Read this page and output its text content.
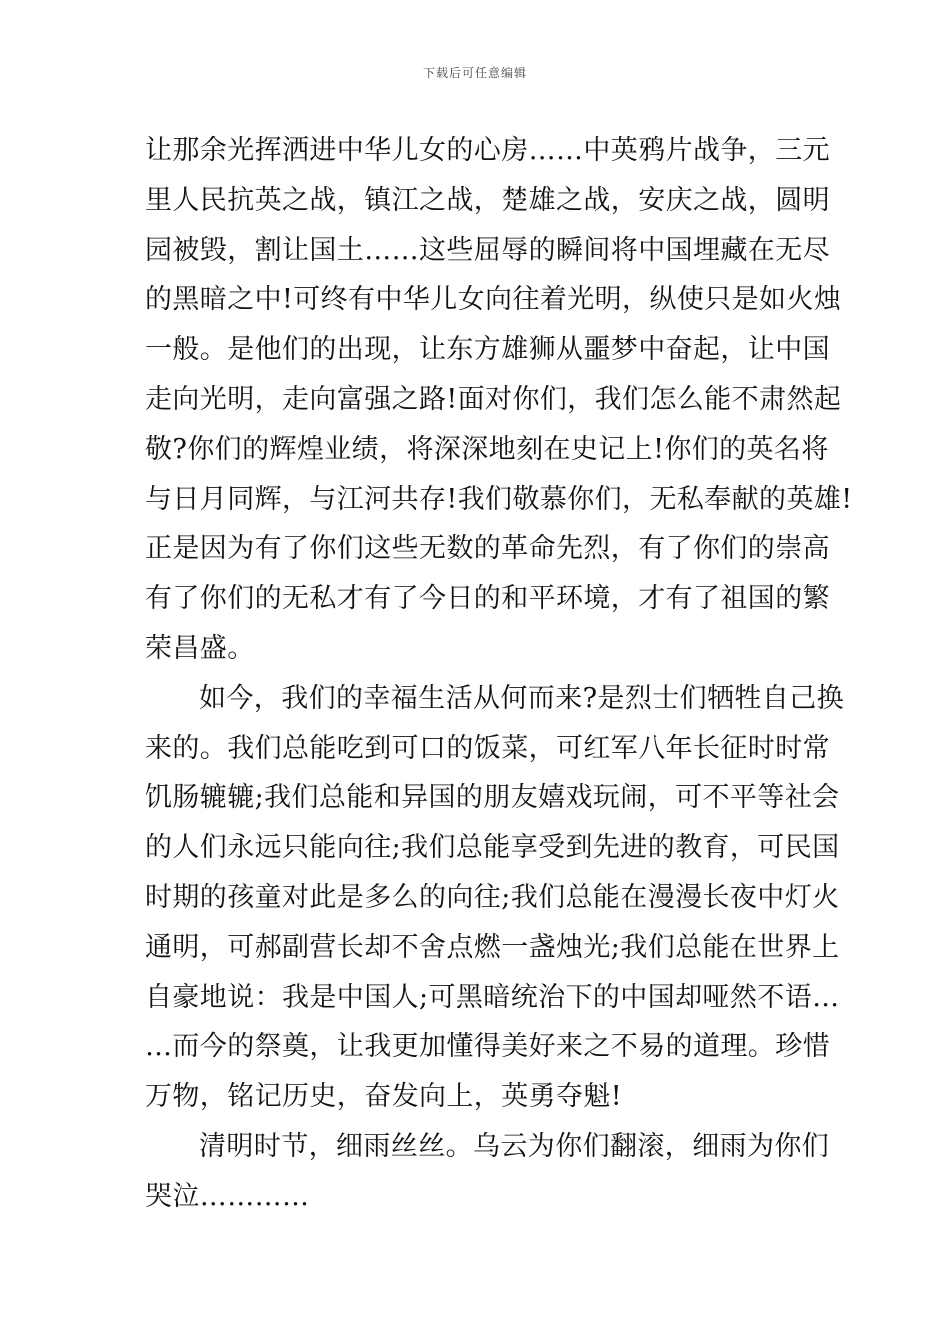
下载后可任意编辑
让那余光挥洒进中华儿女的心房……中英鸦片战争，三元
里人民抗英之战，镇江之战，楚雄之战，安庆之战，圆明
园被毁，割让国土……这些屈辱的瞬间将中国埋藏在无尽
的黑暗之中!可终有中华儿女向往着光明，纵使只是如火烛
一般。是他们的出现，让东方雄狮从噩梦中奋起，让中国
走向光明，走向富强之路!面对你们，我们怎么能不肃然起
敬?你们的辉煌业绩，将深深地刻在史记上!你们的英名将
与日月同辉，与江河共存!我们敬慕你们，无私奉献的英雄!
正是因为有了你们这些无数的革命先烈，有了你们的崇高
有了你们的无私才有了今日的和平环境，才有了祖国的繁
荣昌盛。
如今，我们的幸福生活从何而来?是烈士们牺牲自己换
来的。我们总能吃到可口的饭菜，可红军八年长征时时常
饥肠辘辘;我们总能和异国的朋友嬉戏玩闹，可不平等社会
的人们永远只能向往;我们总能享受到先进的教育，可民国
时期的孩童对此是多么的向往;我们总能在漫漫长夜中灯火
通明，可郝副营长却不舍点燃一盏烛光;我们总能在世界上
自豪地说：我是中国人;可黑暗统治下的中国却哑然不语…
…而今的祭奠，让我更加懂得美好来之不易的道理。珍惜
万物，铭记历史，奋发向上，英勇夺魁!
清明时节，细雨丝丝。乌云为你们翻滚，细雨为你们
哭泣…………
